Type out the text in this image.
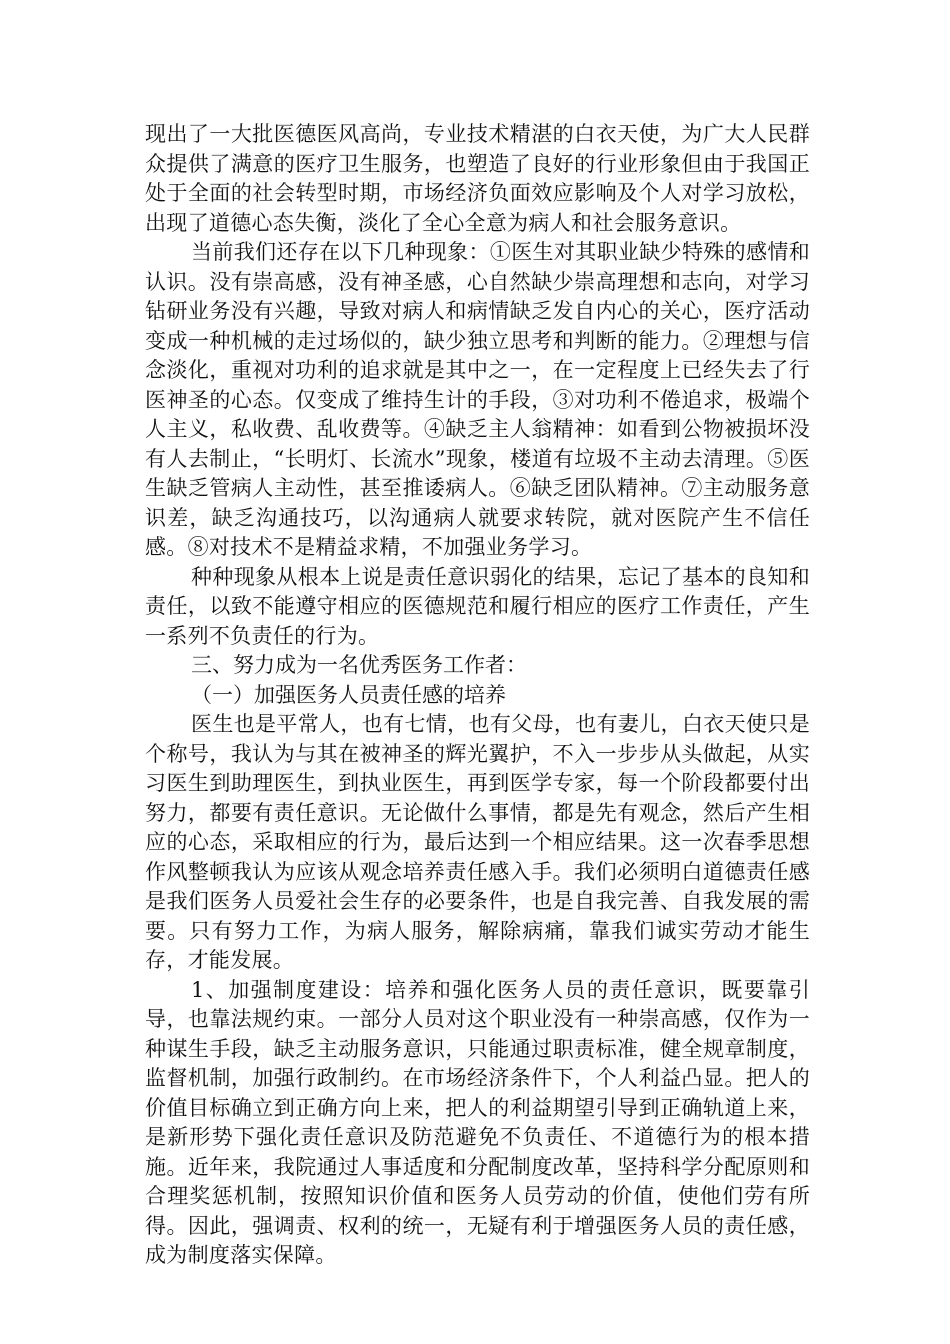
现出了一大批医德医风高尚，专业技术精湛的白衣天使，为广大人民群众提供了满意的医疗卫生服务，也塑造了良好的行业形象但由于我国正处于全面的社会转型时期，市场经济负面效应影响及个人对学习放松，出现了道德心态失衡，淡化了全心全意为病人和社会服务意识。

当前我们还存在以下几种现象：①医生对其职业缺少特殊的感情和认识。没有崇高感，没有神圣感，心自然缺少崇高理想和志向，对学习钻研业务没有兴趣，导致对病人和病情缺乏发自内心的关心，医疗活动变成一种机械的走过场似的，缺少独立思考和判断的能力。②理想与信念淡化，重视对功利的追求就是其中之一，在一定程度上已经失去了行医神圣的心态。仅变成了维持生计的手段，③对功利不倦追求，极端个人主义，私收费、乱收费等。④缺乏主人翁精神：如看到公物被损坏没有人去制止，“长明灯、长流水”现象，楼道有垃圾不主动去清理。⑤医生缺乏管病人主动性，甚至推诿病人。⑥缺乏团队精神。⑦主动服务意识差，缺乏沟通技巧，以沟通病人就要求转院，就对医院产生不信任感。⑧对技术不是精益求精，不加强业务学习。

种种现象从根本上说是责任意识弱化的结果，忘记了基本的良知和责任，以致不能遵守相应的医德规范和履行相应的医疗工作责任，产生一系列不负责任的行为。

三、努力成为一名优秀医务工作者：

（一）加强医务人员责任感的培养

医生也是平常人，也有七情，也有父母，也有妻儿，白衣天使只是个称号，我认为与其在被神圣的辉光翼护，不入一步步从头做起，从实习医生到助理医生，到执业医生，再到医学专家，每一个阶段都要付出努力，都要有责任意识。无论做什么事情，都是先有观念，然后产生相应的心态，采取相应的行为，最后达到一个相应结果。这一次春季思想作风整顿我认为应该从观念培养责任感入手。我们必须明白道德责任感是我们医务人员爱社会生存的必要条件，也是自我完善、自我发展的需要。只有努力工作，为病人服务，解除病痛，靠我们诚实劳动才能生存，才能发展。

1、加强制度建设：培养和强化医务人员的责任意识，既要靠引导，也靠法规约束。一部分人员对这个职业没有一种崇高感，仅作为一种谋生手段，缺乏主动服务意识，只能通过职责标准，健全规章制度，监督机制，加强行政制约。在市场经济条件下，个人利益凸显。把人的价值目标确立到正确方向上来，把人的利益期望引导到正确轨道上来，是新形势下强化责任意识及防范避免不负责任、不道德行为的根本措施。近年来，我院通过人事适度和分配制度改革，坚持科学分配原则和合理奖惩机制，按照知识价值和医务人员劳动的价值，使他们劳有所得。因此，强调责、权利的统一，无疑有利于增强医务人员的责任感，成为制度落实保障。
